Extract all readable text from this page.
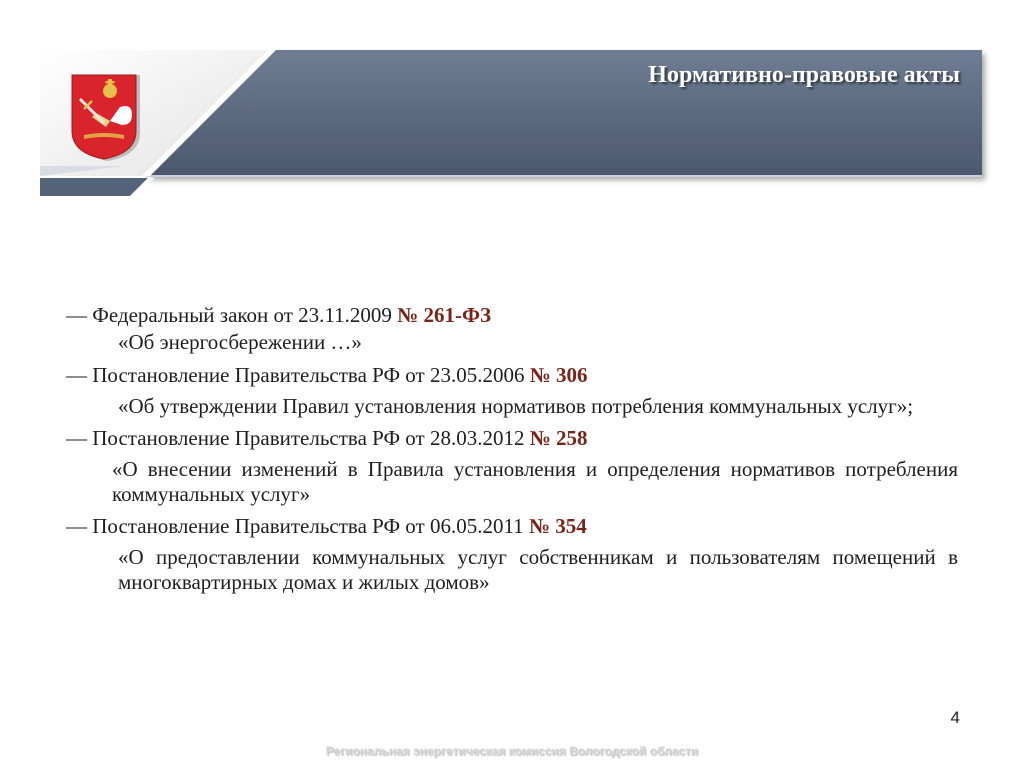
Нормативно-правовые акты
— Федеральный закон от 23.11.2009 № 261-ФЗ
«Об энергосбережении …»
— Постановление Правительства РФ от 23.05.2006 № 306
«Об утверждении Правил установления нормативов потребления коммунальных услуг»;
— Постановление Правительства РФ от 28.03.2012 № 258
«О внесении изменений в Правила установления и определения нормативов потребления коммунальных услуг»
— Постановление Правительства РФ от 06.05.2011 № 354
«О предоставлении коммунальных услуг собственникам и пользователям помещений в многоквартирных домах и жилых домов»
4
Региональная энергетическая комиссия Вологодской области
